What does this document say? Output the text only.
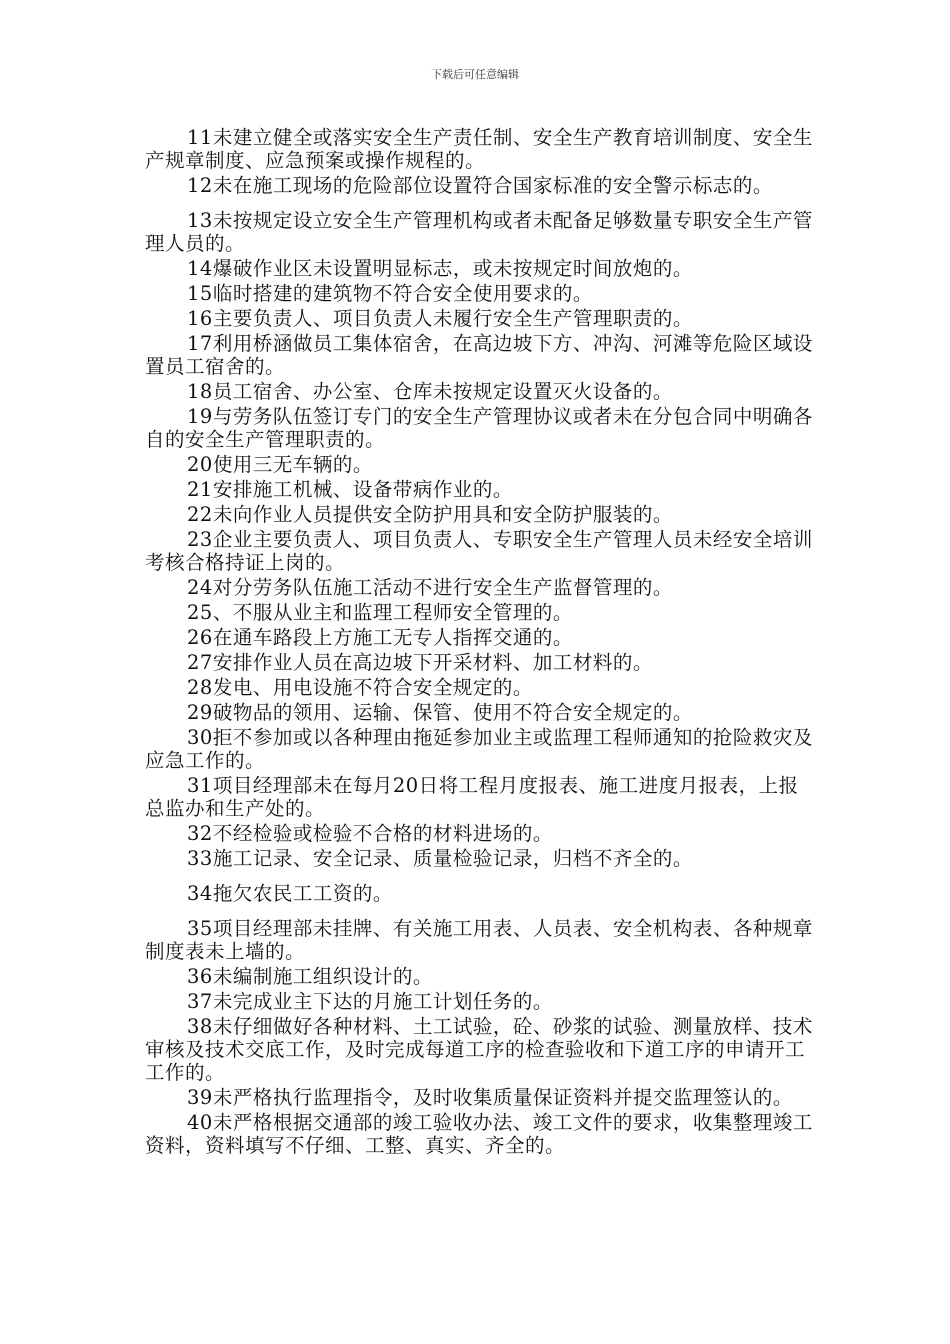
下载后可任意编辑

11未建立健全或落实安全生产责任制、安全生产教育培训制度、安全生产规章制度、应急预案或操作规程的。

12未在施工现场的危险部位设置符合国家标准的安全警示标志的。

13未按规定设立安全生产管理机构或者未配备足够数量专职安全生产管理人员的。

14爆破作业区未设置明显标志，或未按规定时间放炮的。

15临时搭建的建筑物不符合安全使用要求的。

16主要负责人、项目负责人未履行安全生产管理职责的。

17利用桥涵做员工集体宿舍，在高边坡下方、冲沟、河滩等危险区域设置员工宿舍的。

18员工宿舍、办公室、仓库未按规定设置灭火设备的。

19与劳务队伍签订专门的安全生产管理协议或者未在分包合同中明确各自的安全生产管理职责的。

20使用三无车辆的。

21安排施工机械、设备带病作业的。

22未向作业人员提供安全防护用具和安全防护服装的。

23企业主要负责人、项目负责人、专职安全生产管理人员未经安全培训考核合格持证上岗的。

24对分劳务队伍施工活动不进行安全生产监督管理的。

25、不服从业主和监理工程师安全管理的。

26在通车路段上方施工无专人指挥交通的。

27安排作业人员在高边坡下开采材料、加工材料的。

28发电、用电设施不符合安全规定的。

29破物品的领用、运输、保管、使用不符合安全规定的。

30拒不参加或以各种理由拖延参加业主或监理工程师通知的抢险救灾及应急工作的。

31项目经理部未在每月20日将工程月度报表、施工进度月报表，上报总监办和生产处的。

32不经检验或检验不合格的材料进场的。

33施工记录、安全记录、质量检验记录，归档不齐全的。

34拖欠农民工工资的。

35项目经理部未挂牌、有关施工用表、人员表、安全机构表、各种规章制度表未上墙的。

36未编制施工组织设计的。

37未完成业主下达的月施工计划任务的。

38未仔细做好各种材料、土工试验，砼、砂浆的试验、测量放样、技术审核及技术交底工作，及时完成每道工序的检查验收和下道工序的申请开工工作的。

39未严格执行监理指令，及时收集质量保证资料并提交监理签认的。

40未严格根据交通部的竣工验收办法、竣工文件的要求，收集整理竣工资料，资料填写不仔细、工整、真实、齐全的。
